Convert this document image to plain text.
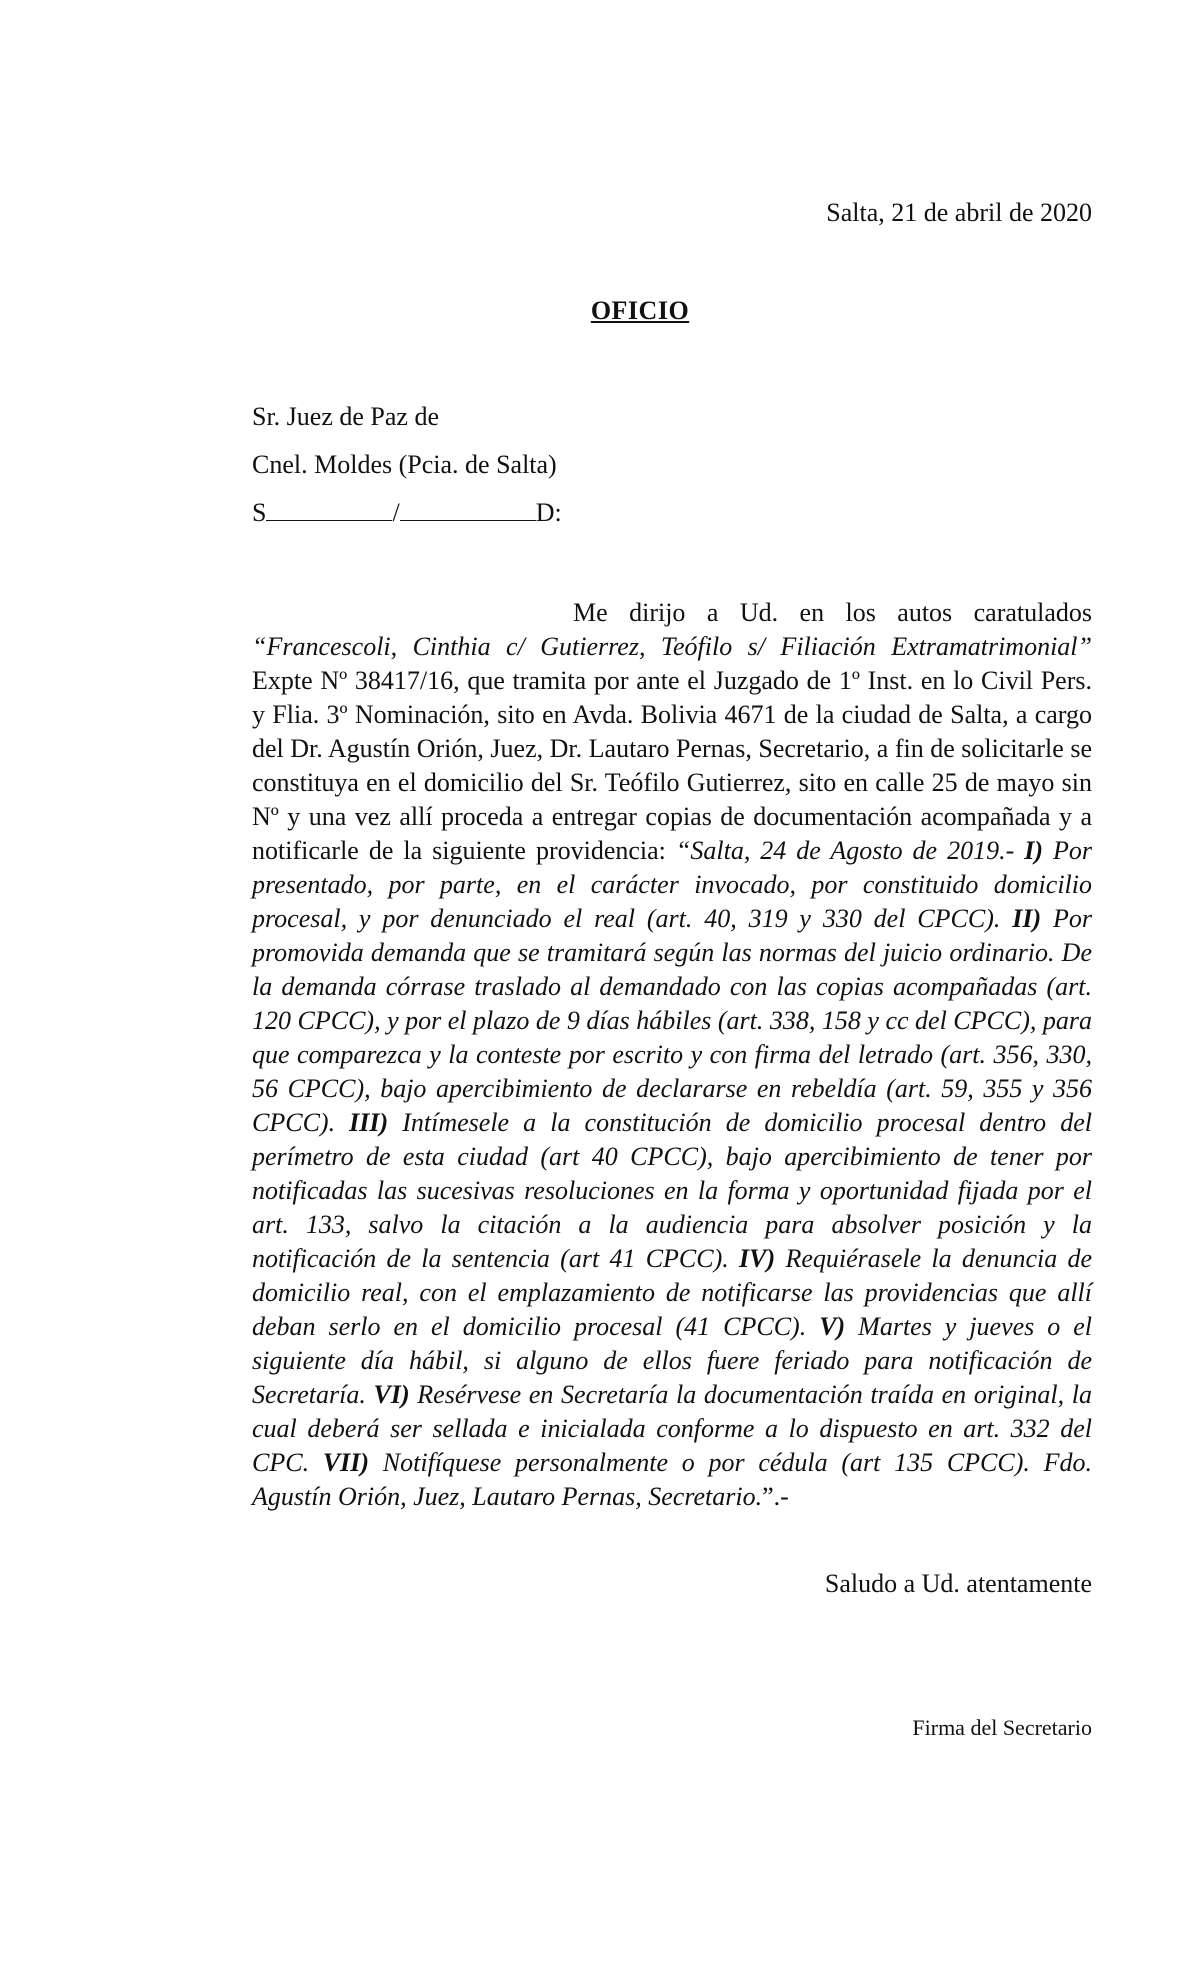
Salta, 21 de abril de 2020
OFICIO
Sr. Juez de Paz de
Cnel. Moldes (Pcia. de Salta)
S	/	D:
Me dirijo a Ud. en los autos caratulados “Francescoli, Cinthia c/ Gutierrez, Teófilo s/ Filiación Extramatrimonial” Expte Nº 38417/16, que tramita por ante el Juzgado de 1º Inst. en lo Civil Pers. y Flia. 3º Nominación, sito en Avda. Bolivia 4671 de la ciudad de Salta, a cargo del Dr. Agustín Orión, Juez, Dr. Lautaro Pernas, Secretario, a fin de solicitarle se constituya en el domicilio del Sr. Teófilo Gutierrez, sito en calle 25 de mayo sin Nº y una vez allí proceda a entregar copias de documentación acompañada y a notificarle de la siguiente providencia: “Salta, 24 de Agosto de 2019.- I) Por presentado, por parte, en el carácter invocado, por constituido domicilio procesal, y por denunciado el real (art. 40, 319 y 330 del CPCC). II) Por promovida demanda que se tramitará según las normas del juicio ordinario. De la demanda córrase traslado al demandado con las copias acompañadas (art. 120 CPCC), y por el plazo de 9 días hábiles (art. 338, 158 y cc del CPCC), para que comparezca y la conteste por escrito y con firma del letrado (art. 356, 330, 56 CPCC), bajo apercibimiento de declararse en rebeldía (art. 59, 355 y 356 CPCC). III) Intímesele a la constitución de domicilio procesal dentro del perímetro de esta ciudad (art 40 CPCC), bajo apercibimiento de tener por notificadas las sucesivas resoluciones en la forma y oportunidad fijada por el art. 133, salvo la citación a la audiencia para absolver posición y la notificación de la sentencia (art 41 CPCC). IV) Requiérasele la denuncia de domicilio real, con el emplazamiento de notificarse las providencias que allí deban serlo en el domicilio procesal (41 CPCC). V) Martes y jueves o el siguiente día hábil, si alguno de ellos fuere feriado para notificación de Secretaría. VI) Resérvese en Secretaría la documentación traída en original, la cual deberá ser sellada e inicialada conforme a lo dispuesto en art. 332 del CPC. VII) Notifíquese personalmente o por cédula (art 135 CPCC). Fdo. Agustín Orión, Juez, Lautaro Pernas, Secretario.”.-
Saludo a Ud. atentamente
Firma del Secretario
